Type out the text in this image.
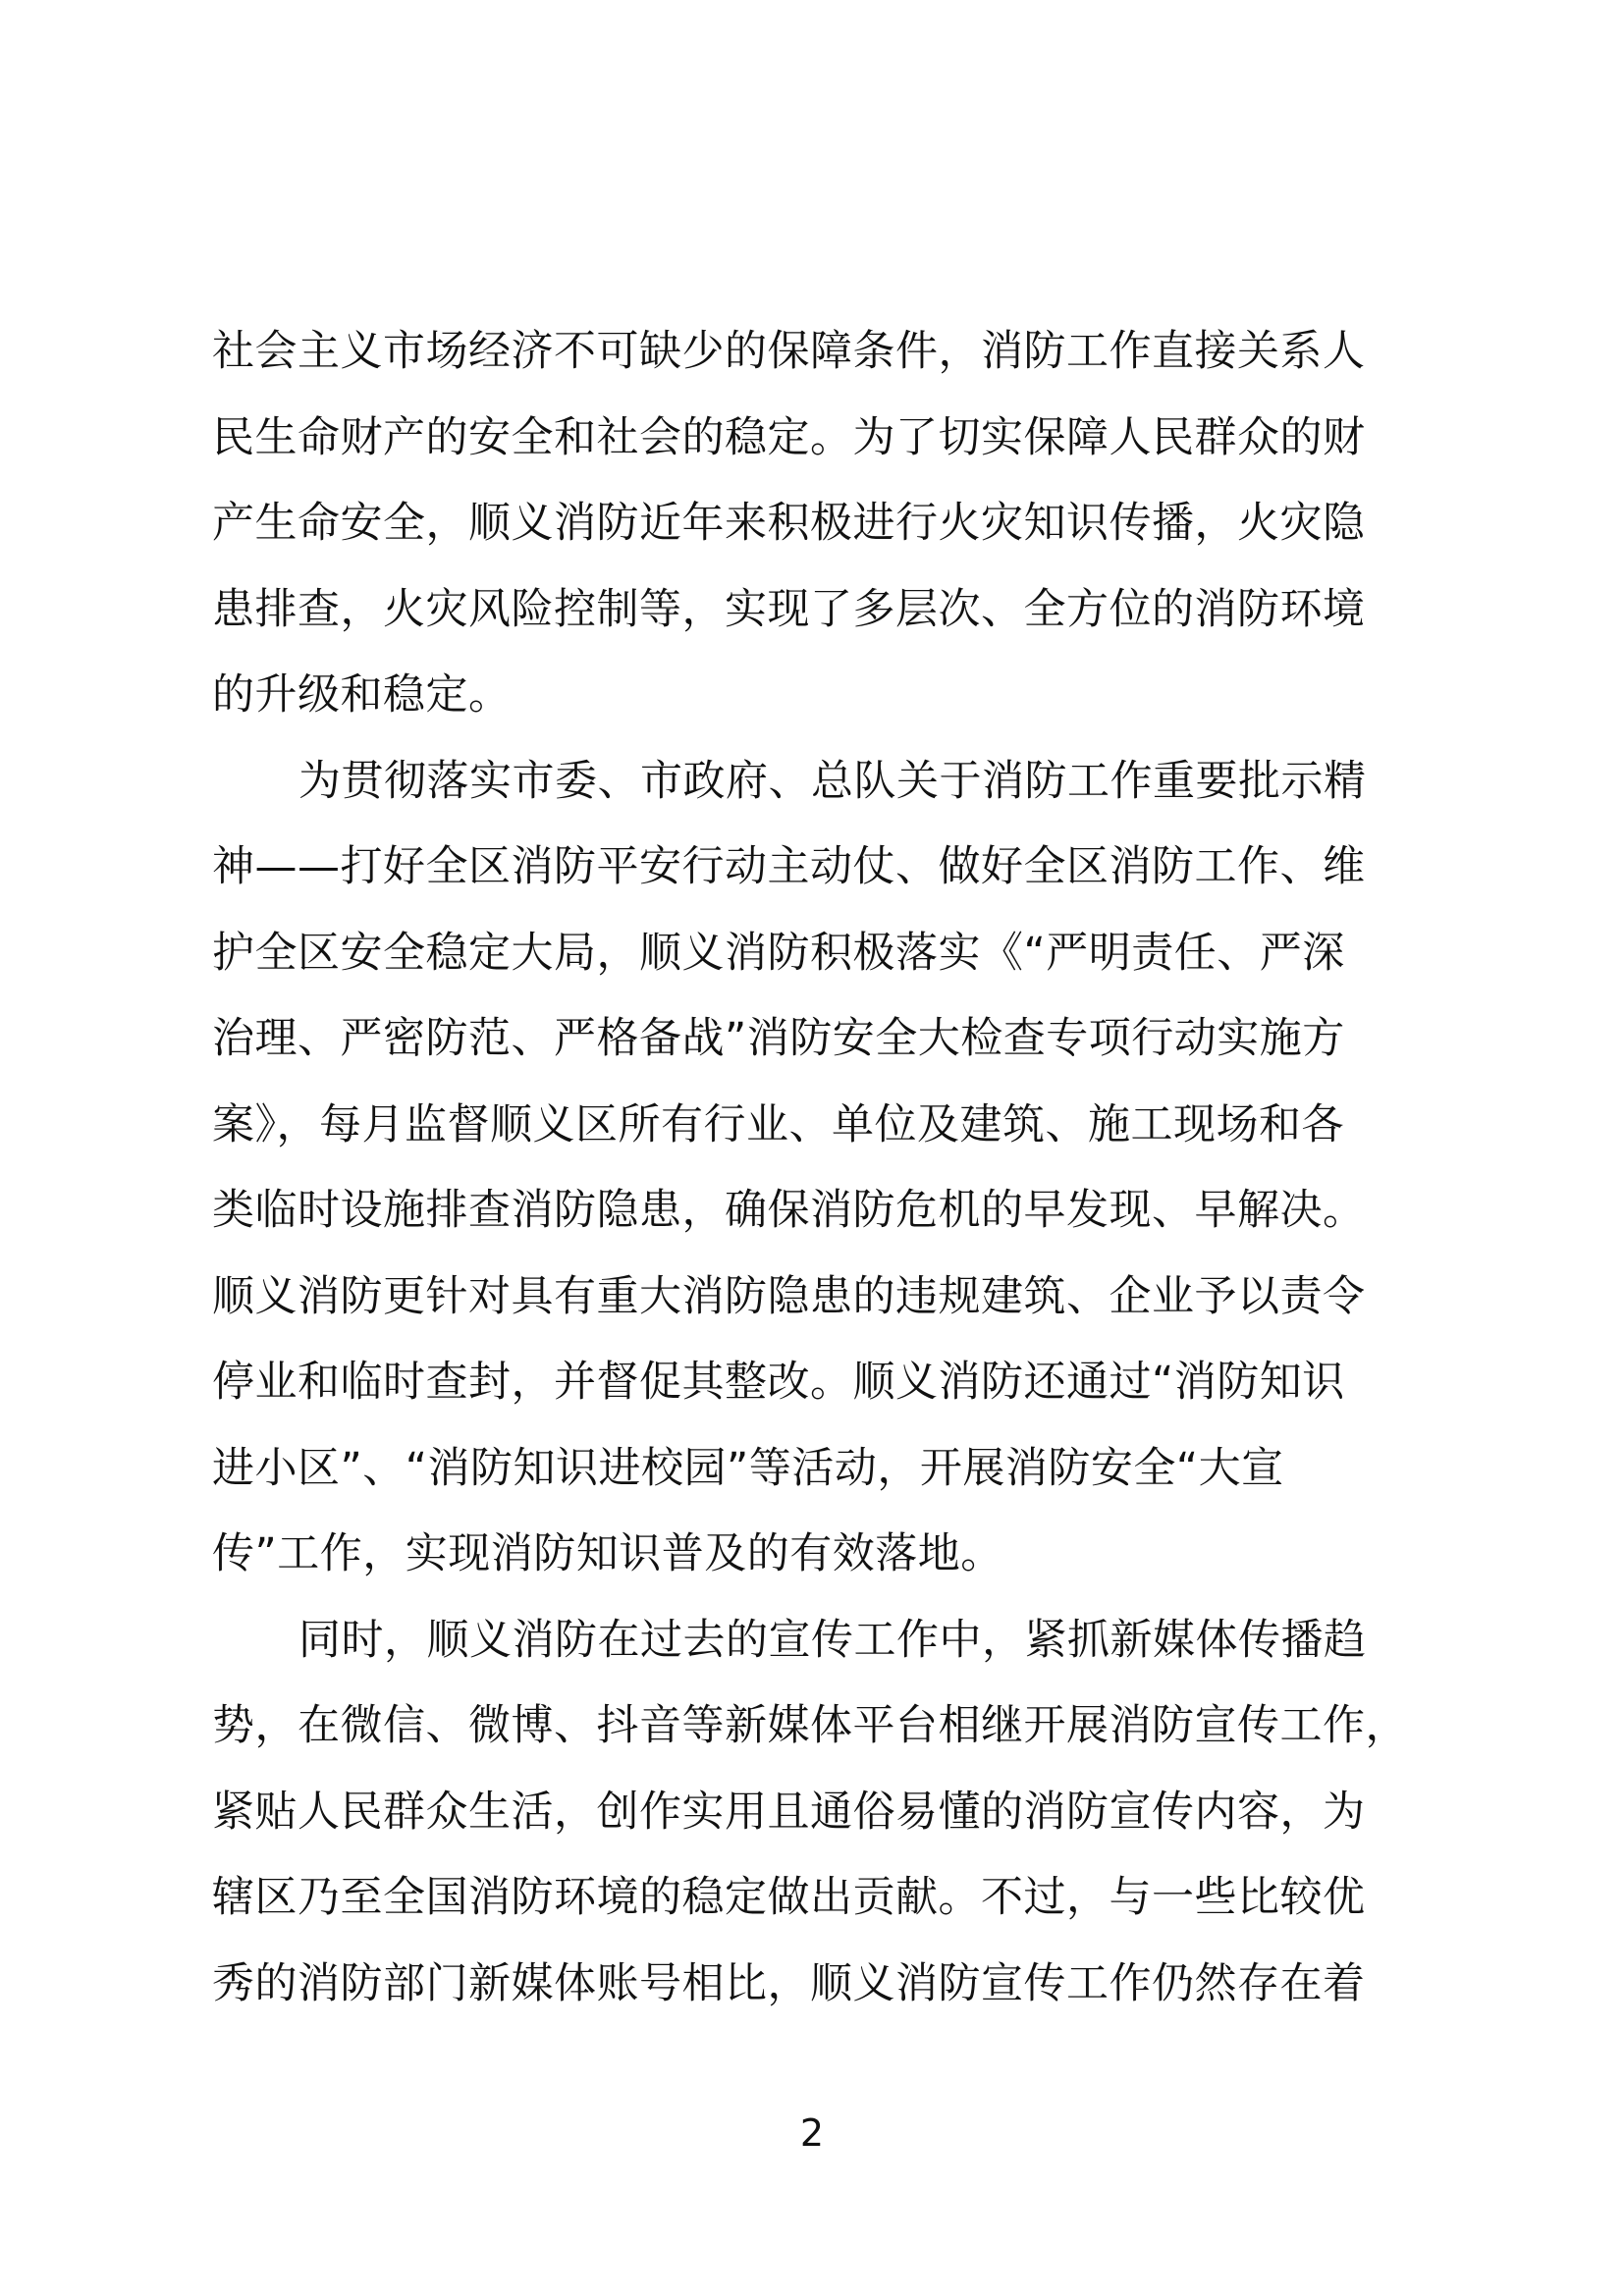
社会主义市场经济不可缺少的保障条件，消防工作直接关系人
民生命财产的安全和社会的稳定。为了切实保障人民群众的财
产生命安全，顺义消防近年来积极进行火灾知识传播，火灾隐
患排查，火灾风险控制等，实现了多层次、全方位的消防环境
的升级和稳定。
为贯彻落实市委、市政府、总队关于消防工作重要批示精
神——打好全区消防平安行动主动仗、做好全区消防工作、维
护全区安全稳定大局，顺义消防积极落实《“严明责任、严深
治理、严密防范、严格备战”消防安全大检查专项行动实施方
案》，每月监督顺义区所有行业、单位及建筑、施工现场和各
类临时设施排查消防隐患，确保消防危机的早发现、早解决。
顺义消防更针对具有重大消防隐患的违规建筑、企业予以责令
停业和临时查封，并督促其整改。顺义消防还通过“消防知识
进小区”、“消防知识进校园”等活动，开展消防安全“大宣
传”工作，实现消防知识普及的有效落地。
同时，顺义消防在过去的宣传工作中，紧抓新媒体传播趋
势，在微信、微博、抖音等新媒体平台相继开展消防宣传工作，
紧贴人民群众生活，创作实用且通俗易懂的消防宣传内容，为
辖区乃至全国消防环境的稳定做出贡献。不过，与一些比较优
秀的消防部门新媒体账号相比，顺义消防宣传工作仍然存在着
2
